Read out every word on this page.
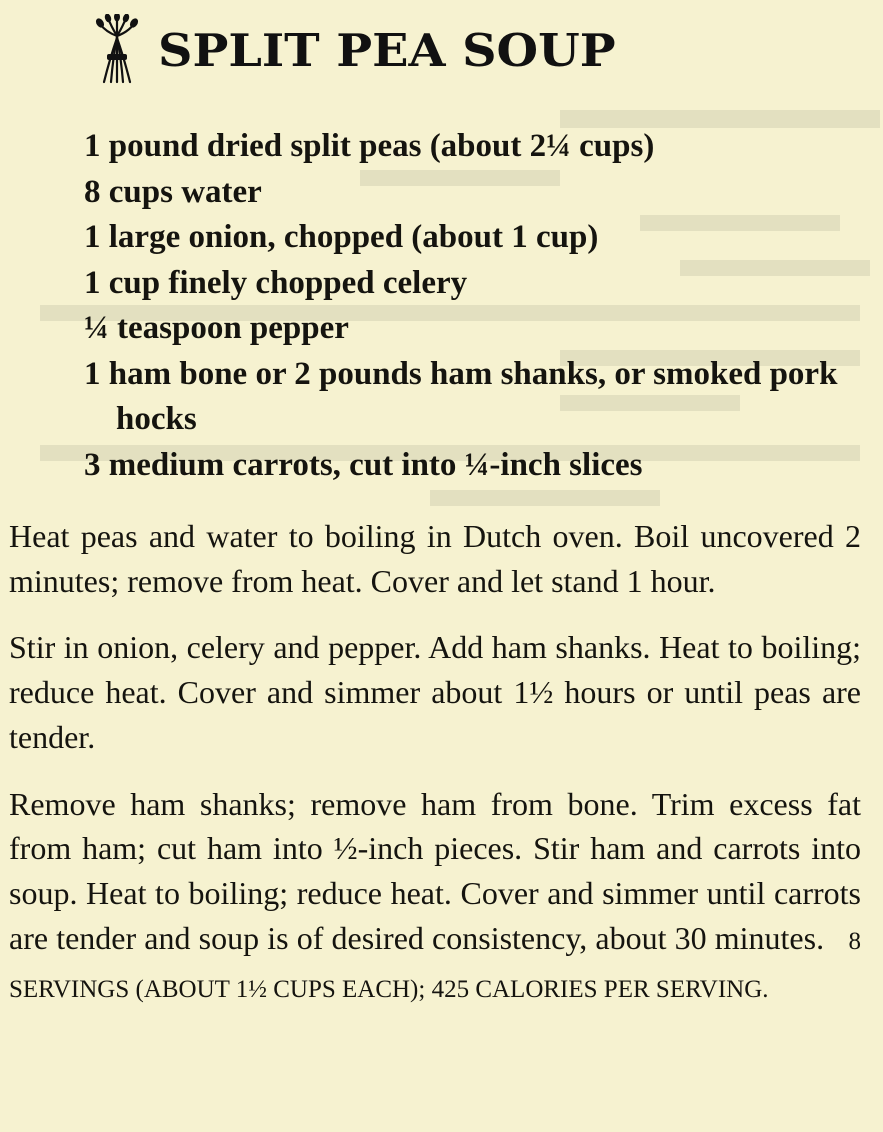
SPLIT PEA SOUP
1 pound dried split peas (about 2¼ cups)
8 cups water
1 large onion, chopped (about 1 cup)
1 cup finely chopped celery
¼ teaspoon pepper
1 ham bone or 2 pounds ham shanks, or smoked pork hocks
3 medium carrots, cut into ¼-inch slices

Heat peas and water to boiling in Dutch oven. Boil uncovered 2 minutes; remove from heat. Cover and let stand 1 hour.

Stir in onion, celery and pepper. Add ham shanks. Heat to boiling; reduce heat. Cover and simmer about 1½ hours or until peas are tender.

Remove ham shanks; remove ham from bone. Trim excess fat from ham; cut ham into ½-inch pieces. Stir ham and carrots into soup. Heat to boiling; reduce heat. Cover and simmer until carrots are tender and soup is of desired consistency, about 30 minutes. 8 SERVINGS (ABOUT 1½ CUPS EACH); 425 CALORIES PER SERVING.
